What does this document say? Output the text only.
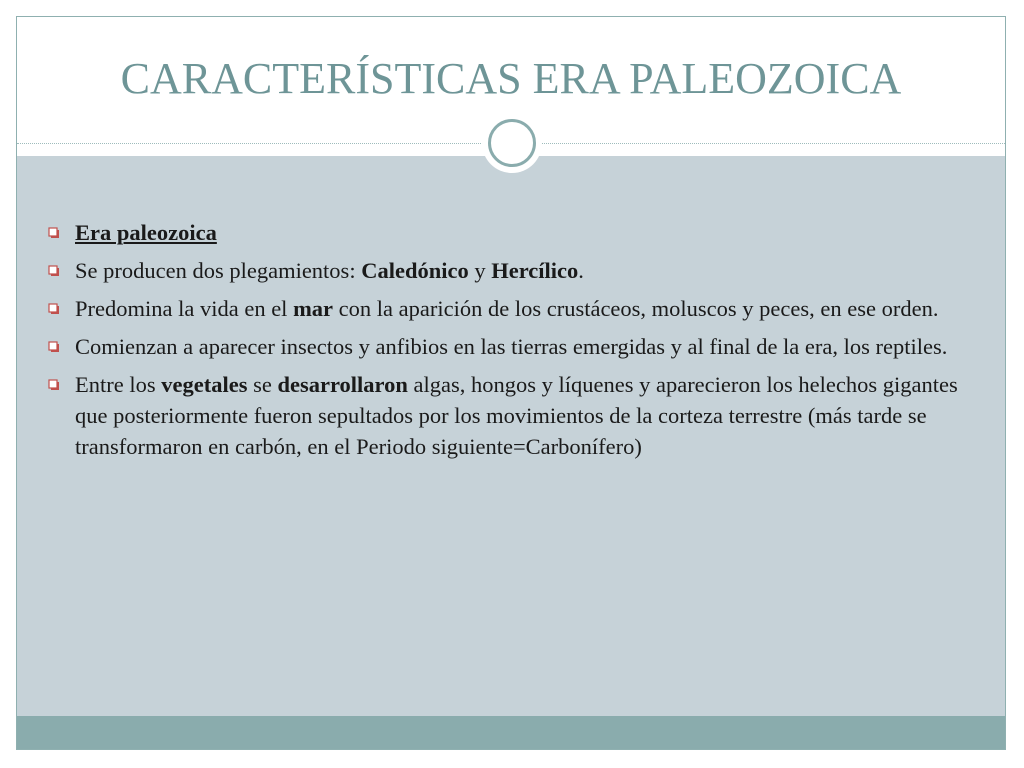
CARACTERÍSTICAS ERA PALEOZOICA
Era paleozoica
Se producen dos plegamientos: Caledónico y Hercílico.
Predomina la vida en el mar con la aparición de los crustáceos, moluscos y peces, en ese orden.
Comienzan a aparecer insectos y anfibios en las tierras emergidas y al final de la era, los reptiles.
Entre los vegetales se desarrollaron algas, hongos y líquenes y aparecieron los helechos gigantes que posteriormente fueron sepultados por los movimientos de la corteza terrestre (más tarde se transformaron en carbón, en el Periodo siguiente=Carbonífero)
